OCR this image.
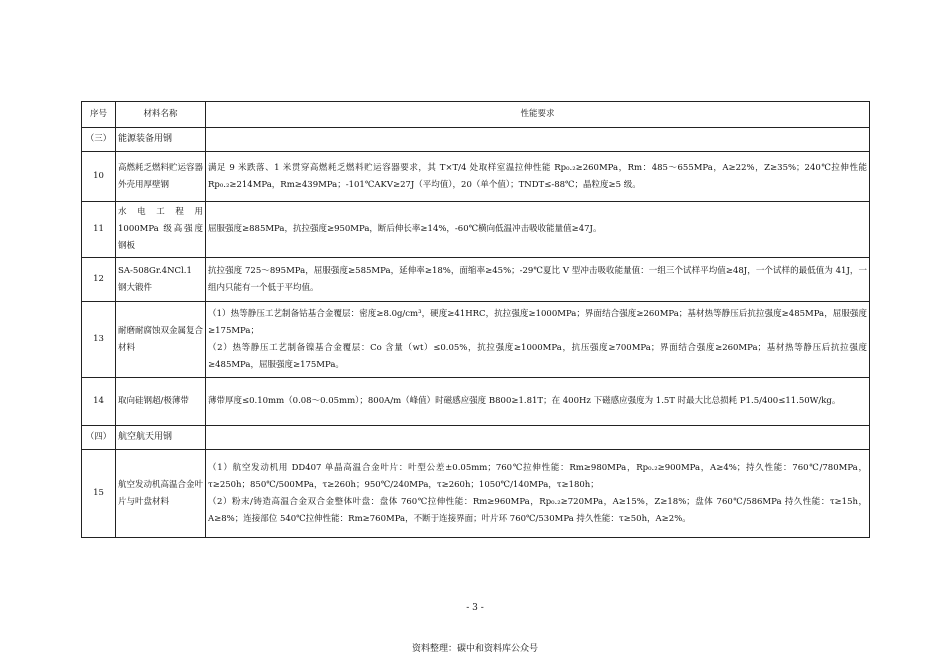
序号	材料名称	性能要求
（三）	能源装备用钢	
10	高燃耗乏燃料贮运容器外壳用厚壁钢	满足 9 米跌落、1 米贯穿高燃耗乏燃料贮运容器要求，其 T×T/4 处取样室温拉伸性能 Rp₀.₂≥260MPa，Rm：485～655MPa，A≥22%，Z≥35%；240℃拉伸性能 Rp₀.₂≥214MPa，Rm≥439MPa；-101℃AKV≥27J（平均值），20（单个值）；TNDT≤-88℃；晶粒度≥5 级。

11	水电工程用 1000MPa 级高强度钢板	屈服强度≥885MPa，抗拉强度≥950MPa，断后伸长率≥14%，-60℃横向低温冲击吸收能量值≥47J。

12	SA-508Gr.4NCl.1 钢大锻件	抗拉强度 725～895MPa，屈服强度≥585MPa，延伸率≥18%，面缩率≥45%；-29℃夏比 V 型冲击吸收能量值：一组三个试样平均值≥48J，一个试样的最低值为 41J，一组内只能有一个低于平均值。

13	耐磨耐腐蚀双金属复合材料	（1）热等静压工艺制备钴基合金覆层：密度≥8.0g/cm³，硬度≥41HRC，抗拉强度≥1000MPa；界面结合强度≥260MPa；基材热等静压后抗拉强度≥485MPa，屈服强度≥175MPa；
（2）热等静压工艺制备镍基合金覆层：Co 含量（wt）≤0.05%，抗拉强度≥1000MPa，抗压强度≥700MPa；界面结合强度≥260MPa；基材热等静压后抗拉强度≥485MPa，屈服强度≥175MPa。

14	取向硅钢超/极薄带	薄带厚度≤0.10mm（0.08～0.05mm）；800A/m（峰值）时磁感应强度 B800≥1.81T；在 400Hz 下磁感应强度为 1.5T 时最大比总损耗 P1.5/400≤11.50W/kg。

（四）	航空航天用钢	
15	航空发动机高温合金叶片与叶盘材料	（1）航空发动机用 DD407 单晶高温合金叶片：叶型公差±0.05mm；760℃拉伸性能：Rm≥980MPa，Rp₀.₂≥900MPa，A≥4%；持久性能：760℃/780MPa，τ≥250h；850℃/500MPa，τ≥260h；950℃/240MPa，τ≥260h；1050℃/140MPa，τ≥180h；
（2）粉末/铸造高温合金双合金整体叶盘：盘体 760℃拉伸性能：Rm≥960MPa，Rp₀.₂≥720MPa，A≥15%，Z≥18%；盘体 760℃/586MPa 持久性能：τ≥15h，A≥8%；连接部位 540℃拉伸性能：Rm≥760MPa，不断于连接界面；叶片环 760℃/530MPa 持久性能：τ≥50h，A≥2%。
- 3 -
资料整理：碳中和资料库公众号
